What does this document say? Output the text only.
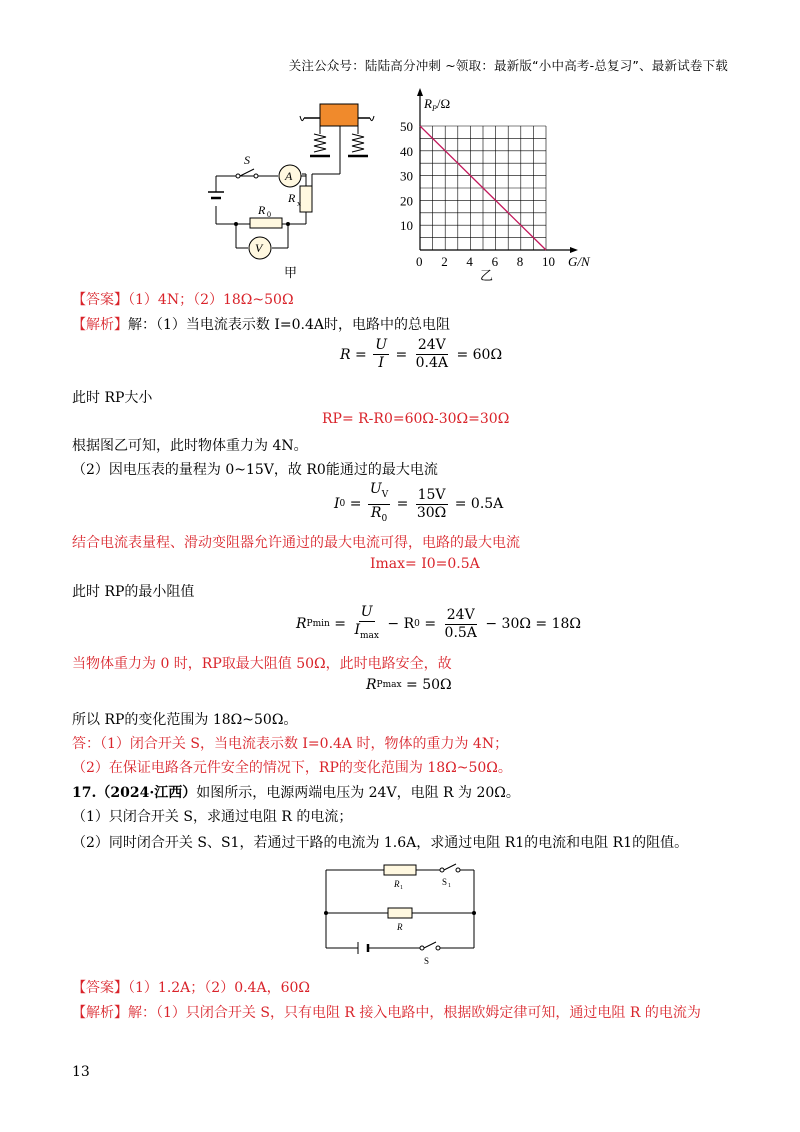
关注公众号：陆陆高分冲刺 ~领取：最新版“小中高考-总复习”、最新试卷下载
R x
S
A
R 0
V
甲
0 2 4 6 8 10
10
20
30
40
50
$R_P/\Omega$
G/N
乙
【答案】（1）4N；（2）18Ω~50Ω
【解析】解：（1）当电流表示数 I=0.4A时，电路中的总电阻
$R = \frac{U}{I} = \frac{24V}{0.4A}$
= 60Ω
此时 RP大小
RP= R-R0=60Ω-30Ω=30Ω
根据图乙可知，此时物体重力为 4N。
（2）因电压表的量程为 0~15V，故 R0能通过的最大电流
I $0 = \frac{U_V}{R_0} = \frac{15V}{30\Omega}$
= 0.5A
结合电流表量程、滑动变阻器允许通过的最大电流可得，电路的最大电流
Imax= I0=0.5A
此时 RP的最小阻值
R $Pmin = \frac{U}{I_{max}}$
− R $0 = \frac{24V}{0.5A}$
− 30Ω = 18Ω
当物体重力为 0 时，RP取最大阻值 50Ω，此时电路安全，故
R Pmax
= 50Ω
所以 RP的变化范围为 18Ω~50Ω。
答：（1）闭合开关 S，当电流表示数 I=0.4A 时，物体的重力为 4N；
（2）在保证电路各元件安全的情况下，RP的变化范围为 18Ω~50Ω。
17.（2024·江西）如图所示，电源两端电压为 24V，电阻 R 为 20Ω。
（1）只闭合开关 S，求通过电阻 R 的电流；
（2）同时闭合开关 S、S1，若通过干路的电流为 1.6A，求通过电阻 R1的电流和电阻 R1的阻值。
R 1
S 1
R
S
【答案】（1）1.2A；（2）0.4A，60Ω
【解析】解：（1）只闭合开关 S，只有电阻 R 接入电路中，根据欧姆定律可知，通过电阻 R 的电流为
13
